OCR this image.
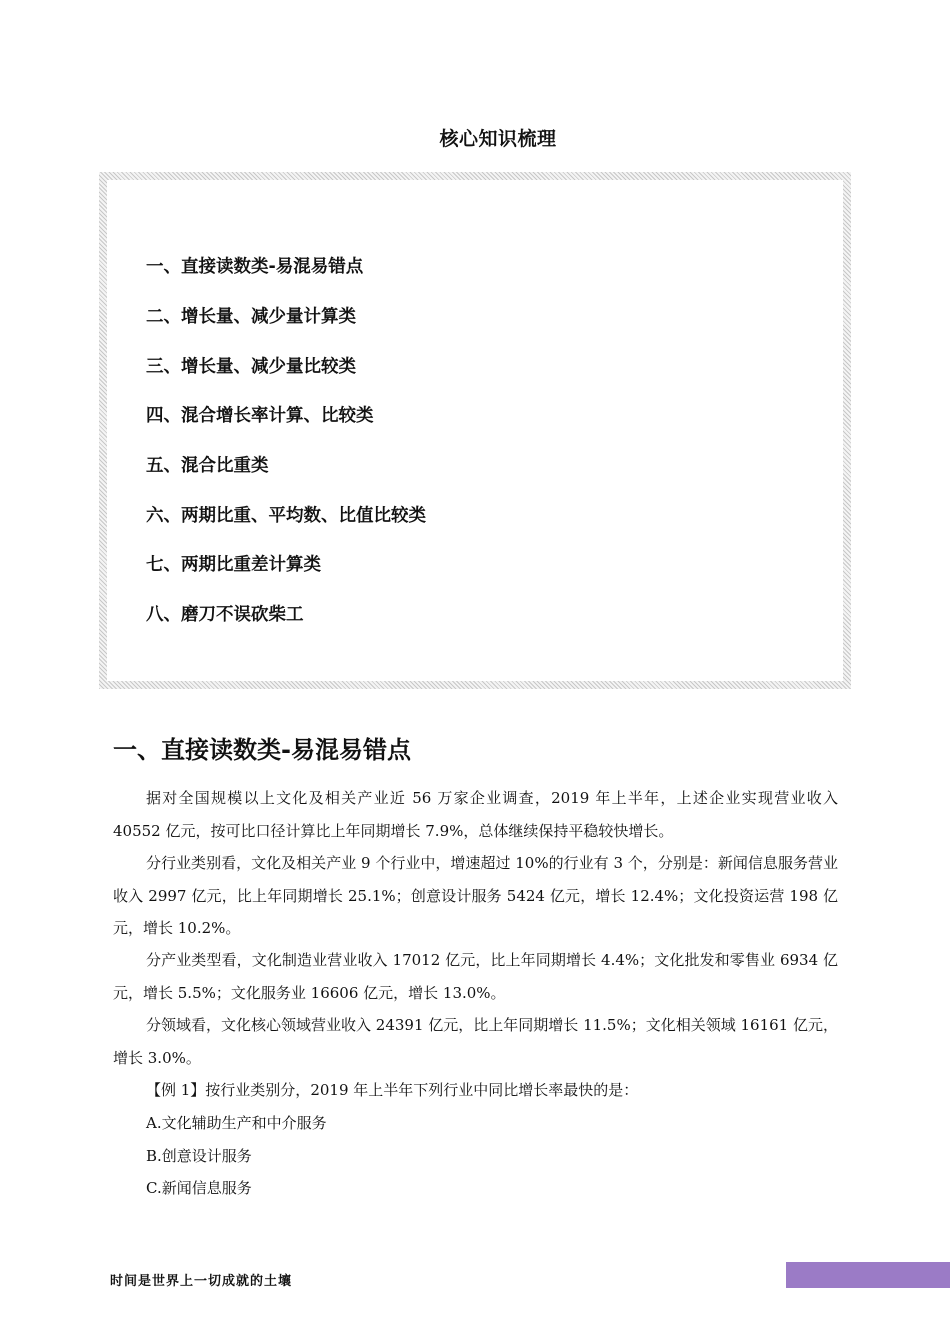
核心知识梳理
一、直接读数类-易混易错点
二、增长量、减少量计算类
三、增长量、减少量比较类
四、混合增长率计算、比较类
五、混合比重类
六、两期比重、平均数、比值比较类
七、两期比重差计算类
八、磨刀不误砍柴工
一、直接读数类-易混易错点
据对全国规模以上文化及相关产业近 56 万家企业调查，2019 年上半年，上述企业实现营业收入 40552 亿元，按可比口径计算比上年同期增长 7.9%，总体继续保持平稳较快增长。
分行业类别看，文化及相关产业 9 个行业中，增速超过 10%的行业有 3 个，分别是：新闻信息服务营业收入 2997 亿元，比上年同期增长 25.1%；创意设计服务 5424 亿元，增长 12.4%；文化投资运营 198 亿元，增长 10.2%。
分产业类型看，文化制造业营业收入 17012 亿元，比上年同期增长 4.4%；文化批发和零售业 6934 亿元，增长 5.5%；文化服务业 16606 亿元，增长 13.0%。
分领域看，文化核心领域营业收入 24391 亿元，比上年同期增长 11.5%；文化相关领域 16161 亿元，增长 3.0%。
【例 1】按行业类别分，2019 年上半年下列行业中同比增长率最快的是：
A.文化辅助生产和中介服务
B.创意设计服务
C.新闻信息服务
时间是世界上一切成就的土壤
